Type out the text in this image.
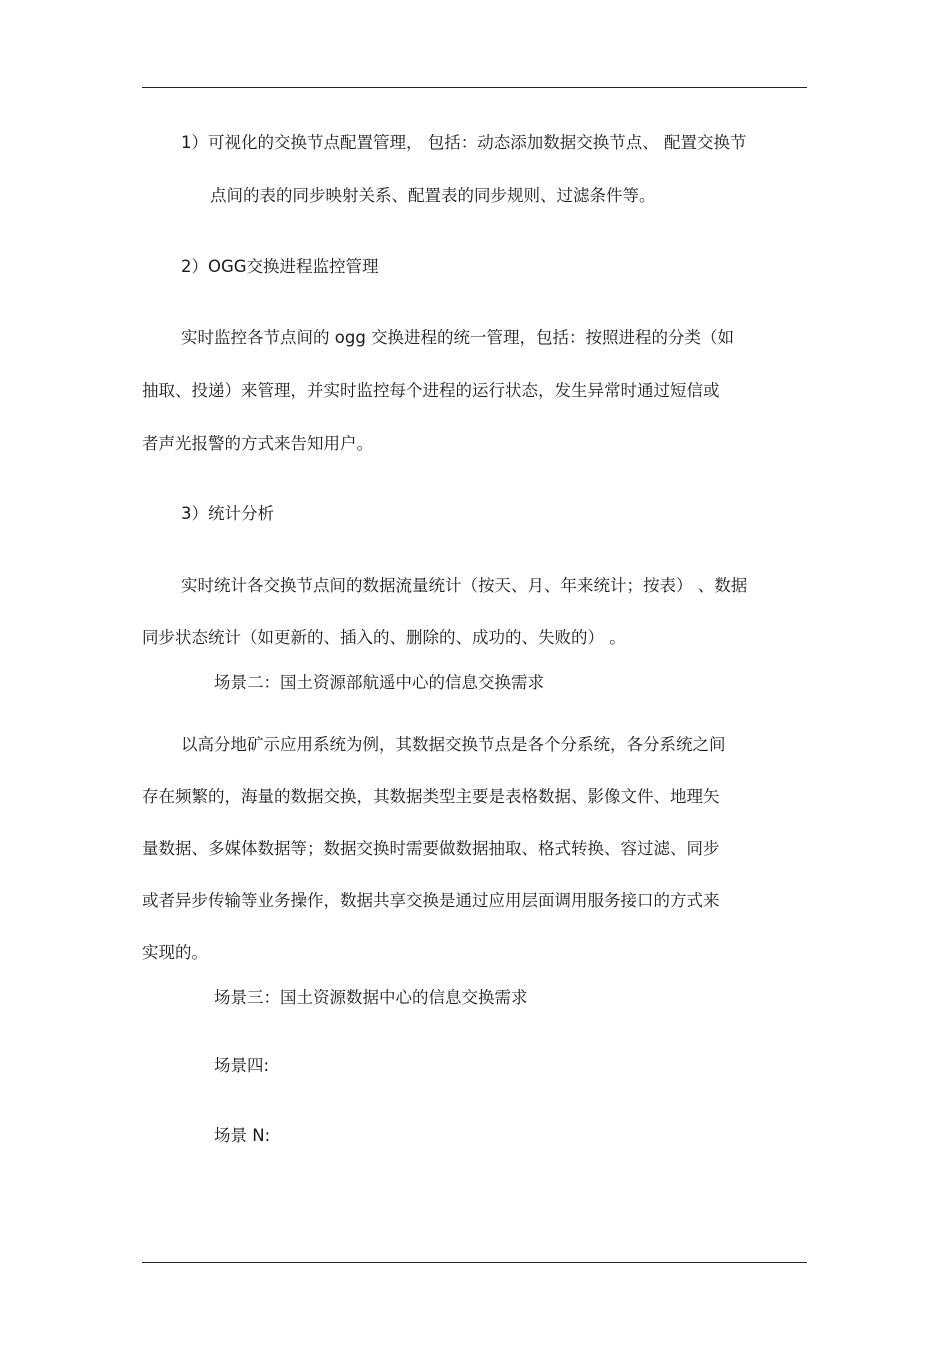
1）可视化的交换节点配置管理， 包括：动态添加数据交换节点、 配置交换节
点间的表的同步映射关系、配置表的同步规则、过滤条件等。
2）OGG交换进程监控管理
实时监控各节点间的 ogg 交换进程的统一管理，包括：按照进程的分类（如
抽取、投递）来管理，并实时监控每个进程的运行状态，发生异常时通过短信或
者声光报警的方式来告知用户。
3）统计分析
实时统计各交换节点间的数据流量统计（按天、月、年来统计；按表） 、数据
同步状态统计（如更新的、插入的、删除的、成功的、失败的） 。
场景二：国土资源部航遥中心的信息交换需求
以高分地矿示应用系统为例，其数据交换节点是各个分系统，各分系统之间
存在频繁的，海量的数据交换，其数据类型主要是表格数据、影像文件、地理矢
量数据、多媒体数据等；数据交换时需要做数据抽取、格式转换、容过滤、同步
或者异步传输等业务操作，数据共享交换是通过应用层面调用服务接口的方式来
实现的。
场景三：国土资源数据中心的信息交换需求
场景四:
场景 N:
